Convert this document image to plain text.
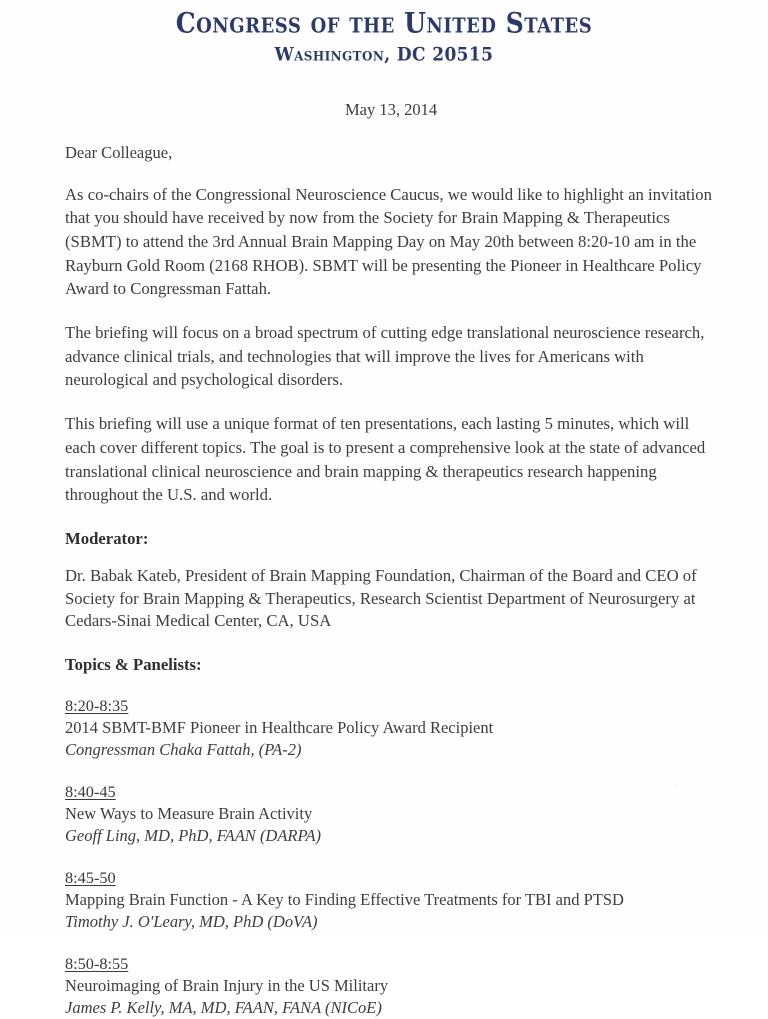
Congress of the United States
Washington, DC 20515
May 13, 2014
Dear Colleague,

As co-chairs of the Congressional Neuroscience Caucus, we would like to highlight an invitation that you should have received by now from the Society for Brain Mapping & Therapeutics (SBMT) to attend the 3rd Annual Brain Mapping Day on May 20th between 8:20-10 am in the Rayburn Gold Room (2168 RHOB). SBMT will be presenting the Pioneer in Healthcare Policy Award to Congressman Fattah.

The briefing will focus on a broad spectrum of cutting edge translational neuroscience research, advance clinical trials, and technologies that will improve the lives for Americans with neurological and psychological disorders.

This briefing will use a unique format of ten presentations, each lasting 5 minutes, which will each cover different topics. The goal is to present a comprehensive look at the state of advanced translational clinical neuroscience and brain mapping & therapeutics research happening throughout the U.S. and world.

Moderator:

Dr. Babak Kateb, President of Brain Mapping Foundation, Chairman of the Board and CEO of Society for Brain Mapping & Therapeutics, Research Scientist Department of Neurosurgery at Cedars-Sinai Medical Center, CA, USA

Topics & Panelists:
8:20-8:35
2014 SBMT-BMF Pioneer in Healthcare Policy Award Recipient
Congressman Chaka Fattah, (PA-2)
8:40-45
New Ways to Measure Brain Activity
Geoff Ling, MD, PhD, FAAN (DARPA)
8:45-50
Mapping Brain Function - A Key to Finding Effective Treatments for TBI and PTSD
Timothy J. O'Leary, MD, PhD (DoVA)
8:50-8:55
Neuroimaging of Brain Injury in the US Military
James P. Kelly, MA, MD, FAAN, FANA (NICoE)
